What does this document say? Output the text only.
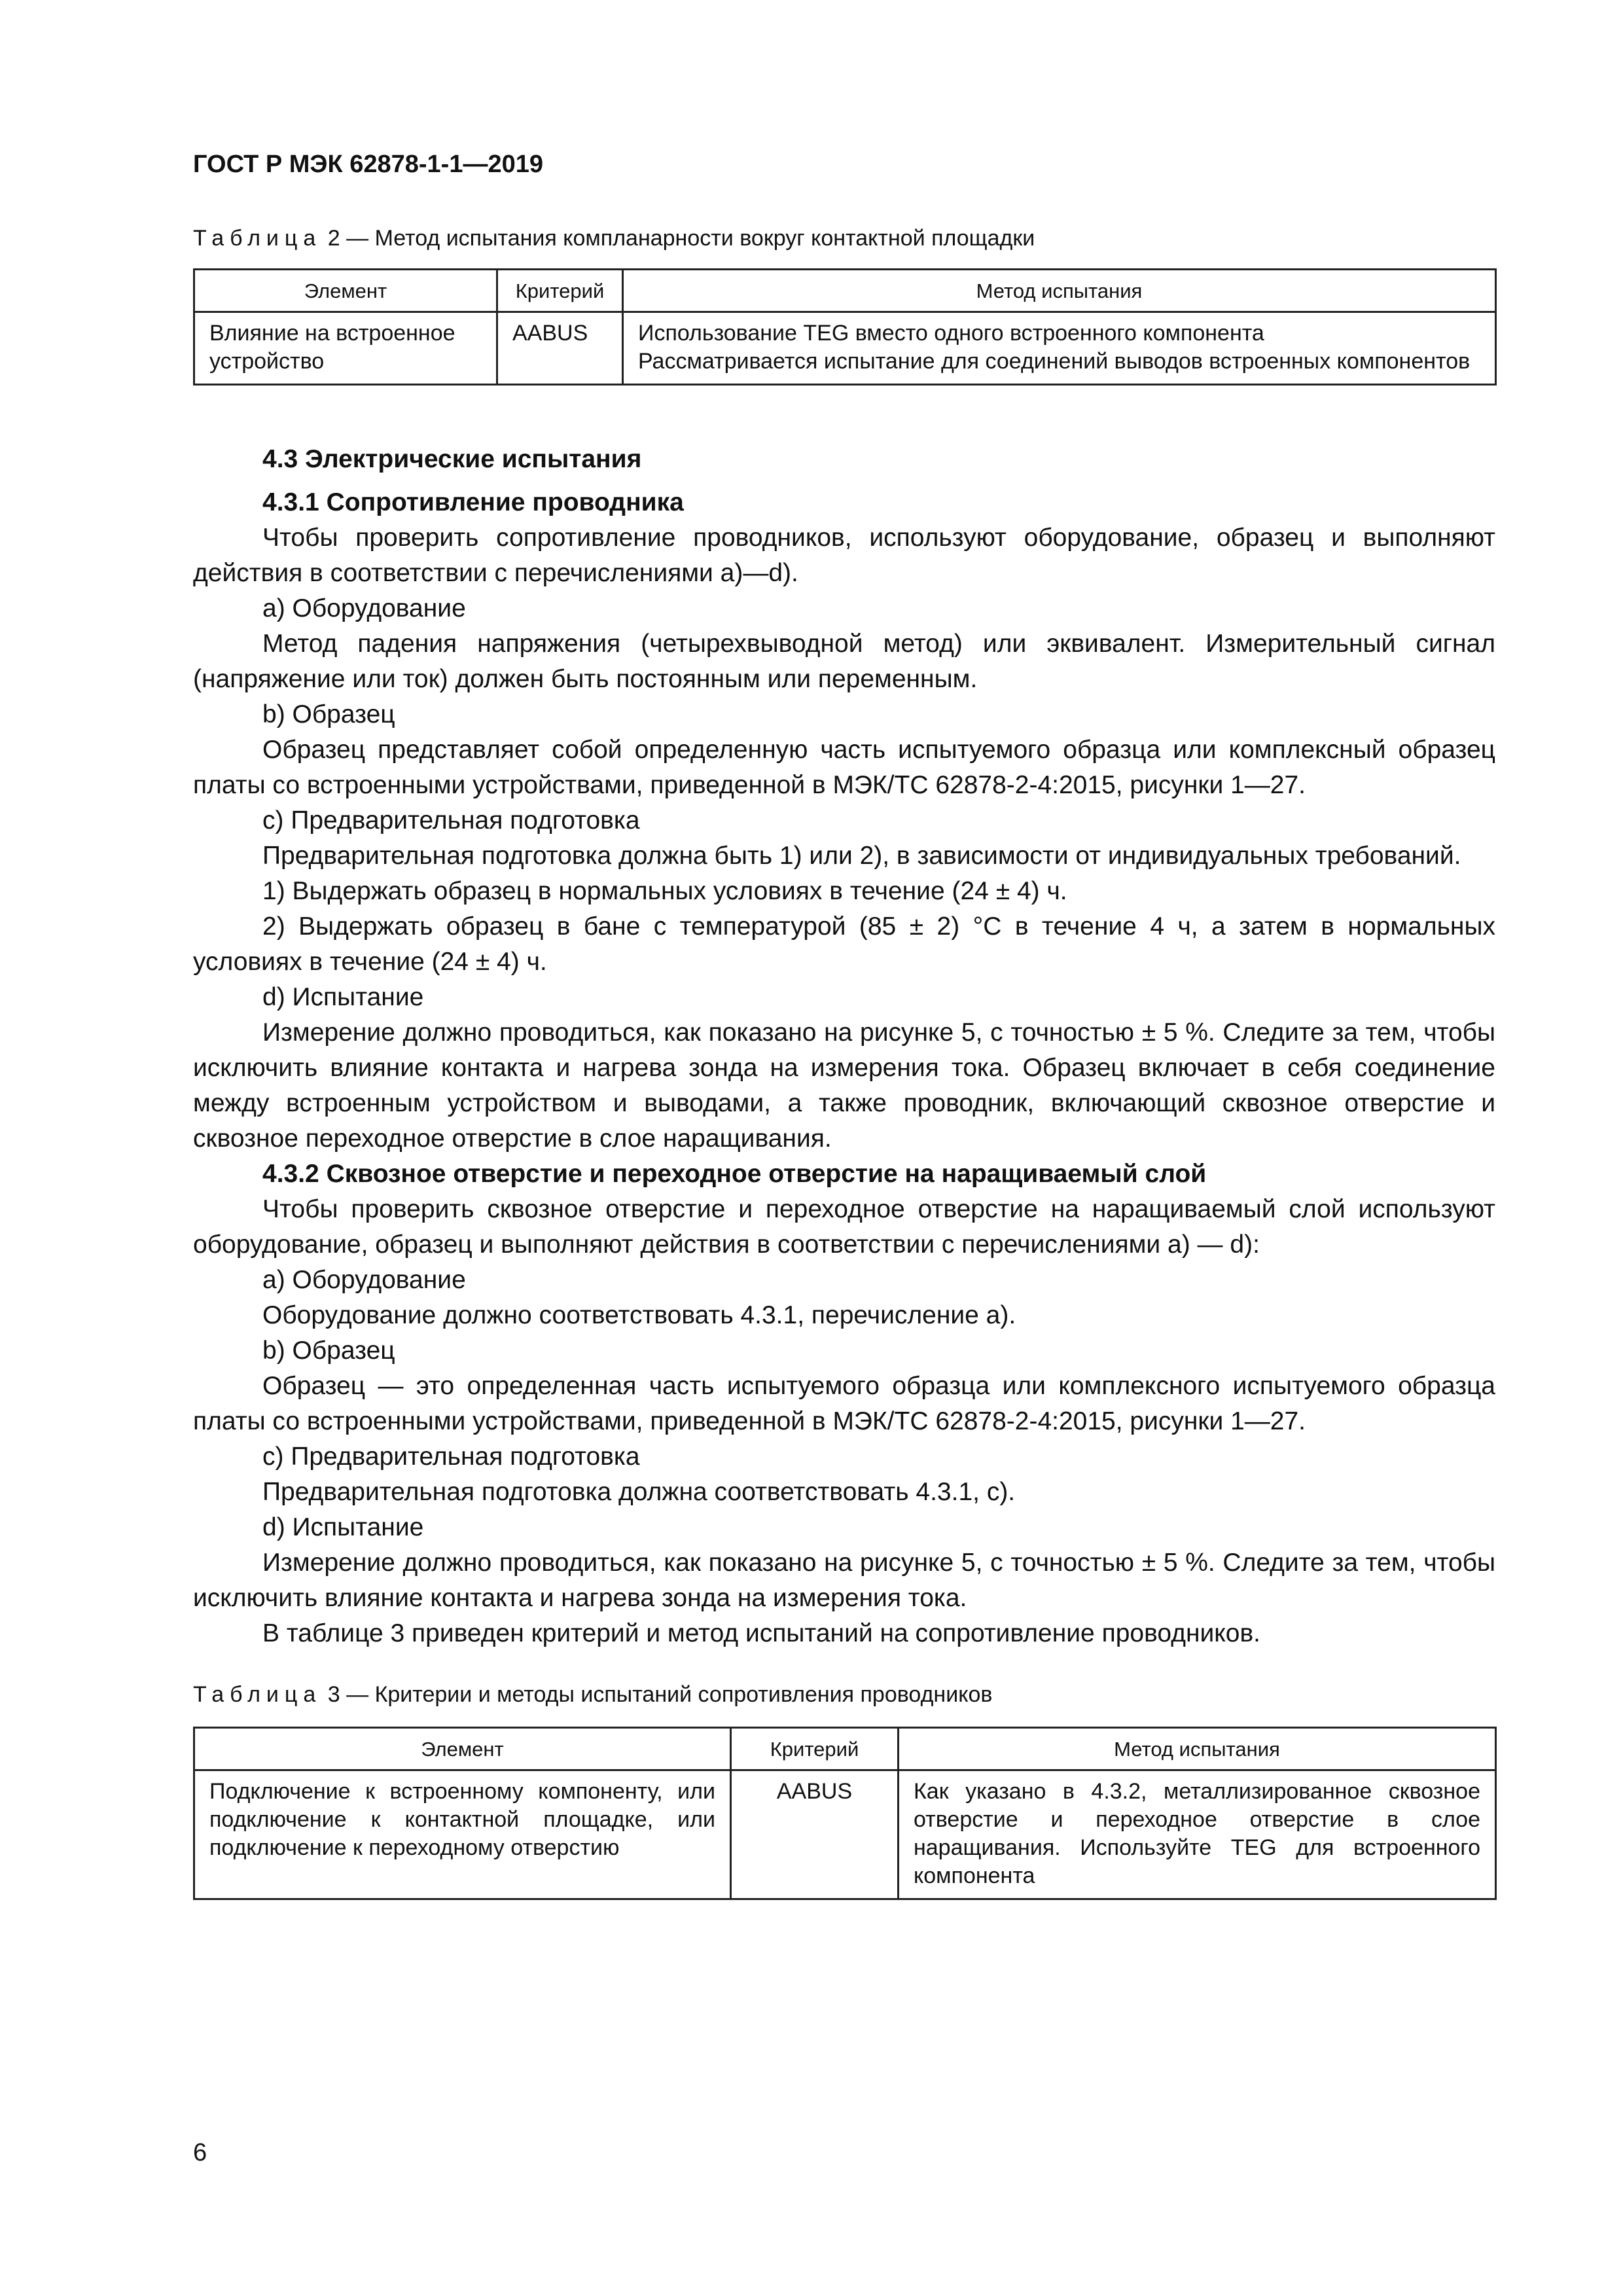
ГОСТ Р МЭК 62878-1-1—2019

Таблица 2 — Метод испытания компланарности вокруг контактной площадки

Элемент	Критерий	Метод испытания
Влияние на встроенное устройство	AABUS	Использование TEG вместо одного встроенного компонента
Рассматривается испытание для соединений выводов встроенных компонентов

4.3 Электрические испытания

4.3.1 Сопротивление проводника

Чтобы проверить сопротивление проводников, используют оборудование, образец и выполняют действия в соответствии с перечислениями а)—d).

а) Оборудование

Метод падения напряжения (четырехвыводной метод) или эквивалент. Измерительный сигнал (напряжение или ток) должен быть постоянным или переменным.

b) Образец

Образец представляет собой определенную часть испытуемого образца или комплексный образец платы со встроенными устройствами, приведенной в МЭК/ТС 62878-2-4:2015, рисунки 1—27.

с) Предварительная подготовка

Предварительная подготовка должна быть 1) или 2), в зависимости от индивидуальных требований.

1) Выдержать образец в нормальных условиях в течение (24 ± 4) ч.

2) Выдержать образец в бане с температурой (85 ± 2) °С в течение 4 ч, а затем в нормальных условиях в течение (24 ± 4) ч.

d) Испытание

Измерение должно проводиться, как показано на рисунке 5, с точностью ± 5 %. Следите за тем, чтобы исключить влияние контакта и нагрева зонда на измерения тока. Образец включает в себя соединение между встроенным устройством и выводами, а также проводник, включающий сквозное отверстие и сквозное переходное отверстие в слое наращивания.

4.3.2 Сквозное отверстие и переходное отверстие на наращиваемый слой

Чтобы проверить сквозное отверстие и переходное отверстие на наращиваемый слой используют оборудование, образец и выполняют действия в соответствии с перечислениями а) — d):

а) Оборудование

Оборудование должно соответствовать 4.3.1, перечисление а).

b) Образец

Образец — это определенная часть испытуемого образца или комплексного испытуемого образца платы со встроенными устройствами, приведенной в МЭК/ТС 62878-2-4:2015, рисунки 1—27.

с) Предварительная подготовка

Предварительная подготовка должна соответствовать 4.3.1, с).

d) Испытание

Измерение должно проводиться, как показано на рисунке 5, с точностью ± 5 %. Следите за тем, чтобы исключить влияние контакта и нагрева зонда на измерения тока.

В таблице 3 приведен критерий и метод испытаний на сопротивление проводников.

Таблица 3 — Критерии и методы испытаний сопротивления проводников

Элемент	Критерий	Метод испытания
Подключение к встроенному компоненту, или подключение к контактной площадке, или подключение к переходному отверстию	AABUS	Как указано в 4.3.2, металлизированное сквозное отверстие и переходное отверстие в слое наращивания. Используйте TEG для встроенного компонента

6
